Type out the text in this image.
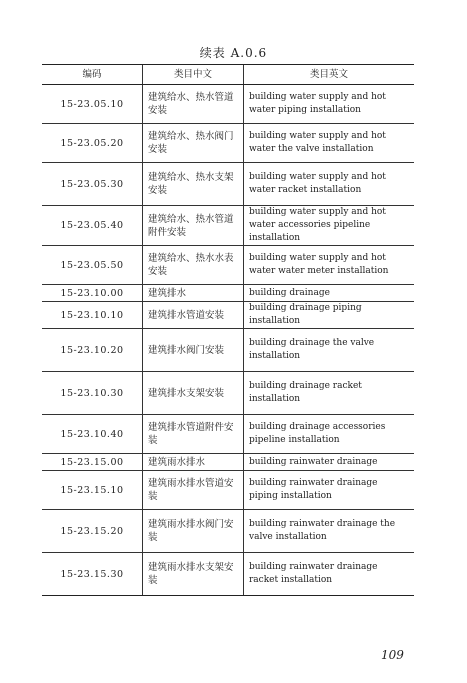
续表 A.0.6
编码	类目中文	类目英文
15-23.05.10	建筑给水、热水管道安装	building water supply and hot water piping installation
15-23.05.20	建筑给水、热水阀门安装	building water supply and hot water the valve installation
15-23.05.30	建筑给水、热水支架安装	building water supply and hot water racket installation
15-23.05.40	建筑给水、热水管道附件安装	building water supply and hot water accessories pipeline installation
15-23.05.50	建筑给水、热水水表安装	building water supply and hot water water meter installation
15-23.10.00	建筑排水	building drainage
15-23.10.10	建筑排水管道安装	building drainage piping installation
15-23.10.20	建筑排水阀门安装	building drainage the valve installation
15-23.10.30	建筑排水支架安装	building drainage racket installation
15-23.10.40	建筑排水管道附件安装	building drainage accessories pipeline installation
15-23.15.00	建筑雨水排水	building rainwater drainage
15-23.15.10	建筑雨水排水管道安装	building rainwater drainage piping installation
15-23.15.20	建筑雨水排水阀门安装	building rainwater drainage the valve installation
15-23.15.30	建筑雨水排水支架安装	building rainwater drainage racket installation
109
